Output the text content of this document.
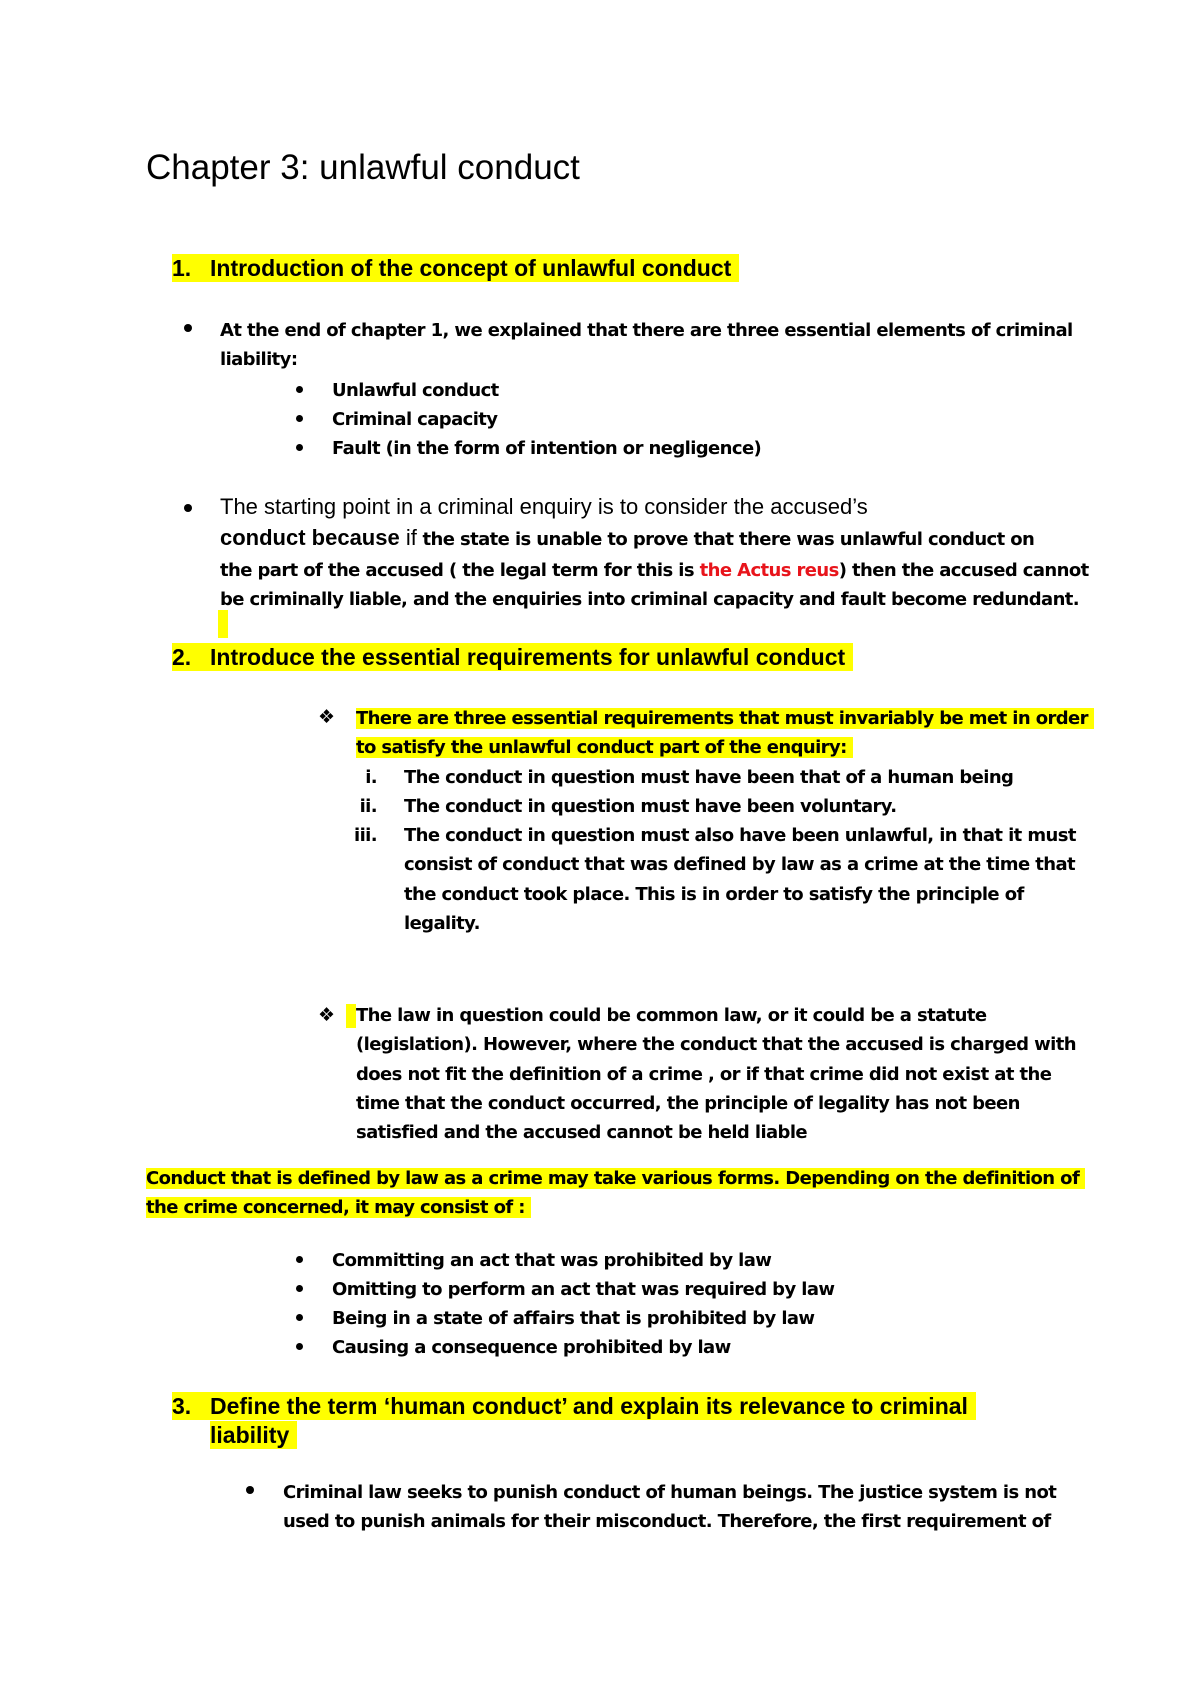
Chapter 3: unlawful conduct
1. Introduction of the concept of unlawful conduct
At the end of chapter 1, we explained that there are three essential elements of criminal
liability:
Unlawful conduct
Criminal capacity
Fault (in the form of intention or negligence)
The starting point in a criminal enquiry is to consider the accused’s
conduct because if the state is unable to prove that there was unlawful conduct on
the part of the accused ( the legal term for this is the Actus reus) then the accused cannot
be criminally liable, and the enquiries into criminal capacity and fault become redundant.
2. Introduce the essential requirements for unlawful conduct
❖ There are three essential requirements that must invariably be met in order
to satisfy the unlawful conduct part of the enquiry:
i. The conduct in question must have been that of a human being
ii. The conduct in question must have been voluntary.
iii. The conduct in question must also have been unlawful, in that it must
consist of conduct that was defined by law as a crime at the time that
the conduct took place. This is in order to satisfy the principle of
legality.
❖ The law in question could be common law, or it could be a statute
(legislation). However, where the conduct that the accused is charged with
does not fit the definition of a crime , or if that crime did not exist at the
time that the conduct occurred, the principle of legality has not been
satisfied and the accused cannot be held liable
Conduct that is defined by law as a crime may take various forms. Depending on the definition of
the crime concerned, it may consist of :
Committing an act that was prohibited by law
Omitting to perform an act that was required by law
Being in a state of affairs that is prohibited by law
Causing a consequence prohibited by law
3. Define the term ‘human conduct’ and explain its relevance to criminal
liability
Criminal law seeks to punish conduct of human beings. The justice system is not
used to punish animals for their misconduct. Therefore, the first requirement of
